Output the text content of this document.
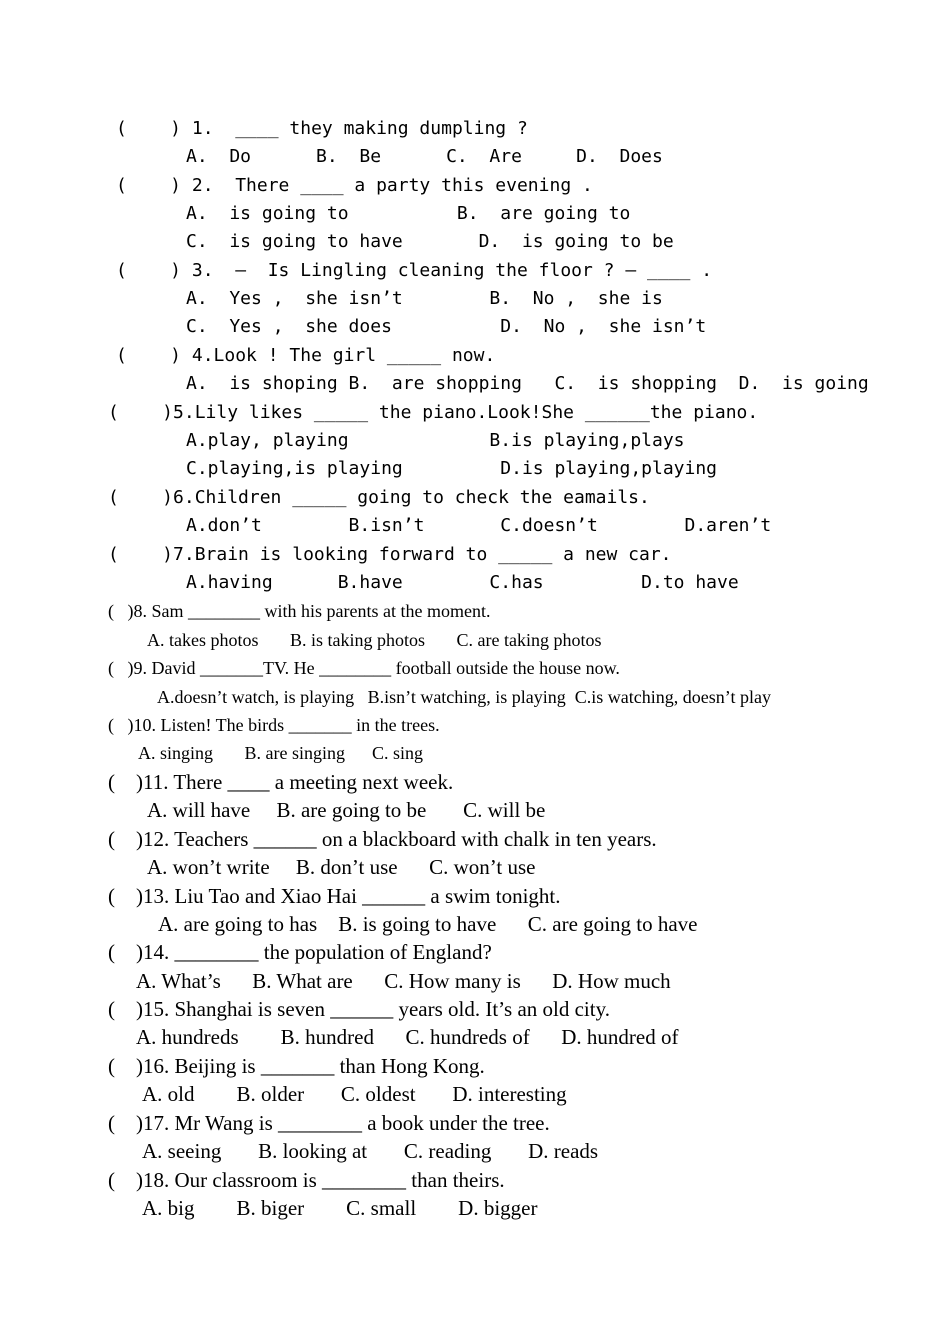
(    ) 1.  ____ they making dumpling ?
A.  Do      B.  Be      C.  Are     D.  Does
(    ) 2.  There ____ a party this evening .
A.  is going to          B.  are going to
C.  is going to have       D.  is going to be
(    ) 3.  –  Is Lingling cleaning the floor ? – ____ .
A.  Yes ,  she isn’t        B.  No ,  she is
C.  Yes ,  she does          D.  No ,  she isn’t
(    ) 4.Look ! The girl _____ now.
A.  is shoping B.  are shopping   C.  is shopping  D.  is going
(    )5.Lily likes _____ the piano.Look!She ______the piano.
A.play, playing             B.is playing,plays
C.playing,is playing         D.is playing,playing
(    )6.Children _____ going to check the eamails.
A.don’t        B.isn’t       C.doesn’t        D.aren’t
(    )7.Brain is looking forward to _____ a new car.
A.having      B.have        C.has         D.to have
(   )8. Sam ________ with his parents at the moment.
A. takes photos       B. is taking photos       C. are taking photos
(   )9. David _______TV. He ________ football outside the house now.
A.doesn’t watch, is playing   B.isn’t watching, is playing  C.is watching, doesn’t play
(   )10. Listen! The birds _______ in the trees.
A. singing       B. are singing      C. sing
(    )11. There ____ a meeting next week.
A. will have     B. are going to be       C. will be
(    )12. Teachers ______ on a blackboard with chalk in ten years.
A. won’t write     B. don’t use      C. won’t use
(    )13. Liu Tao and Xiao Hai ______ a swim tonight.
A. are going to has    B. is going to have      C. are going to have
(    )14. ________ the population of England?
A. What’s      B. What are      C. How many is      D. How much
(    )15. Shanghai is seven ______ years old. It’s an old city.
A. hundreds        B. hundred      C. hundreds of      D. hundred of
(    )16. Beijing is _______ than Hong Kong.
A. old        B. older       C. oldest       D. interesting
(    )17. Mr Wang is ________ a book under the tree.
A. seeing       B. looking at       C. reading       D. reads
(    )18. Our classroom is ________ than theirs.
A. big        B. biger        C. small        D. bigger
